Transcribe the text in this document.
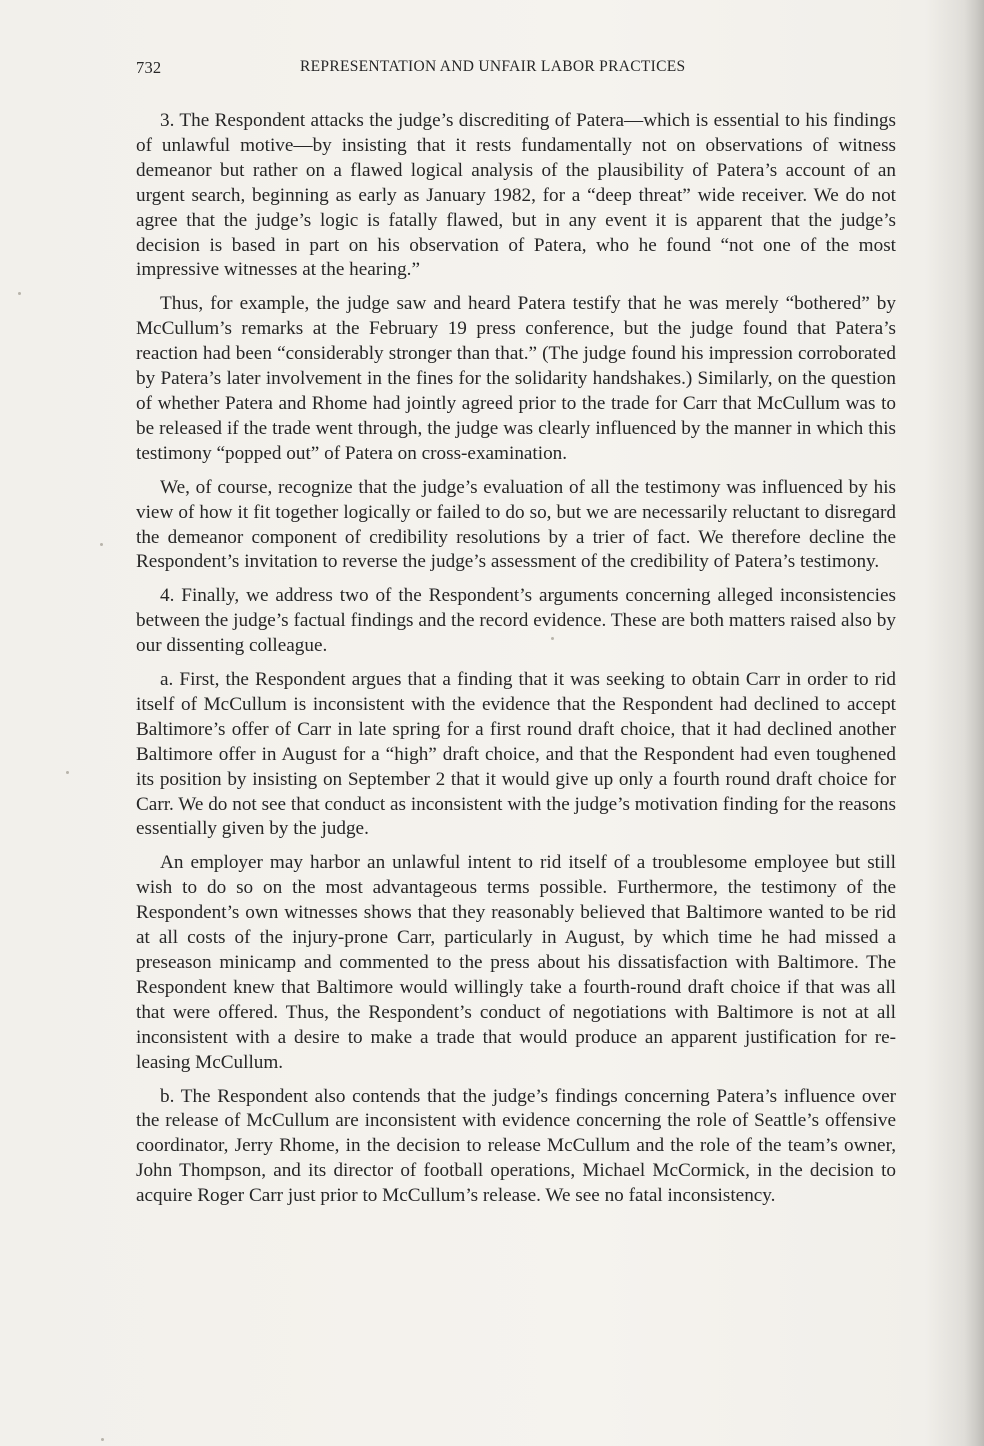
732	REPRESENTATION AND UNFAIR LABOR PRACTICES

3. The Respondent attacks the judge’s discrediting of Patera—which is essential to his findings of unlawful motive—by insisting that it rests fundamentally not on observations of witness demeanor but rather on a flawed logical analysis of the plausibility of Patera’s account of an urgent search, beginning as early as January 1982, for a “deep threat” wide receiver. We do not agree that the judge’s logic is fatally flawed, but in any event it is apparent that the judge’s decision is based in part on his observation of Patera, who he found “not one of the most impressive witnesses at the hearing.”

Thus, for example, the judge saw and heard Patera testify that he was merely “bothered” by McCullum’s remarks at the February 19 press conference, but the judge found that Patera’s reaction had been “considerably stronger than that.” (The judge found his impression corroborated by Patera’s later involvement in the fines for the solidarity handshakes.) Similarly, on the question of whether Patera and Rhome had jointly agreed prior to the trade for Carr that McCullum was to be released if the trade went through, the judge was clearly influenced by the manner in which this testimony “popped out” of Patera on cross-examination.

We, of course, recognize that the judge’s evaluation of all the testimony was influenced by his view of how it fit together logically or failed to do so, but we are necessarily reluctant to disregard the demeanor component of credibility resolutions by a trier of fact. We therefore decline the Respondent’s invitation to reverse the judge’s assessment of the credibility of Patera’s testimony.

4. Finally, we address two of the Respondent’s arguments concerning alleged inconsistencies between the judge’s factual findings and the record evidence. These are both matters raised also by our dissenting colleague.

a. First, the Respondent argues that a finding that it was seeking to obtain Carr in order to rid itself of McCullum is inconsistent with the evidence that the Respondent had declined to accept Baltimore’s offer of Carr in late spring for a first round draft choice, that it had declined another Baltimore offer in August for a “high” draft choice, and that the Respondent had even toughened its position by insisting on September 2 that it would give up only a fourth round draft choice for Carr. We do not see that conduct as inconsistent with the judge’s motivation finding for the reasons essentially given by the judge.

An employer may harbor an unlawful intent to rid itself of a troublesome employee but still wish to do so on the most advantageous terms possible. Furthermore, the testimony of the Respondent’s own witnesses shows that they reasonably believed that Baltimore wanted to be rid at all costs of the injury-prone Carr, particularly in August, by which time he had missed a preseason minicamp and commented to the press about his dissatisfaction with Baltimore. The Respondent knew that Baltimore would willingly take a fourth-round draft choice if that was all that were offered. Thus, the Respondent’s conduct of negotiations with Baltimore is not at all inconsistent with a desire to make a trade that would produce an apparent justification for releasing McCullum.

b. The Respondent also contends that the judge’s findings concerning Patera’s influence over the release of McCullum are inconsistent with evidence concerning the role of Seattle’s offensive coordinator, Jerry Rhome, in the decision to release McCullum and the role of the team’s owner, John Thompson, and its director of football operations, Michael McCormick, in the decision to acquire Roger Carr just prior to McCullum’s release. We see no fatal inconsistency.
